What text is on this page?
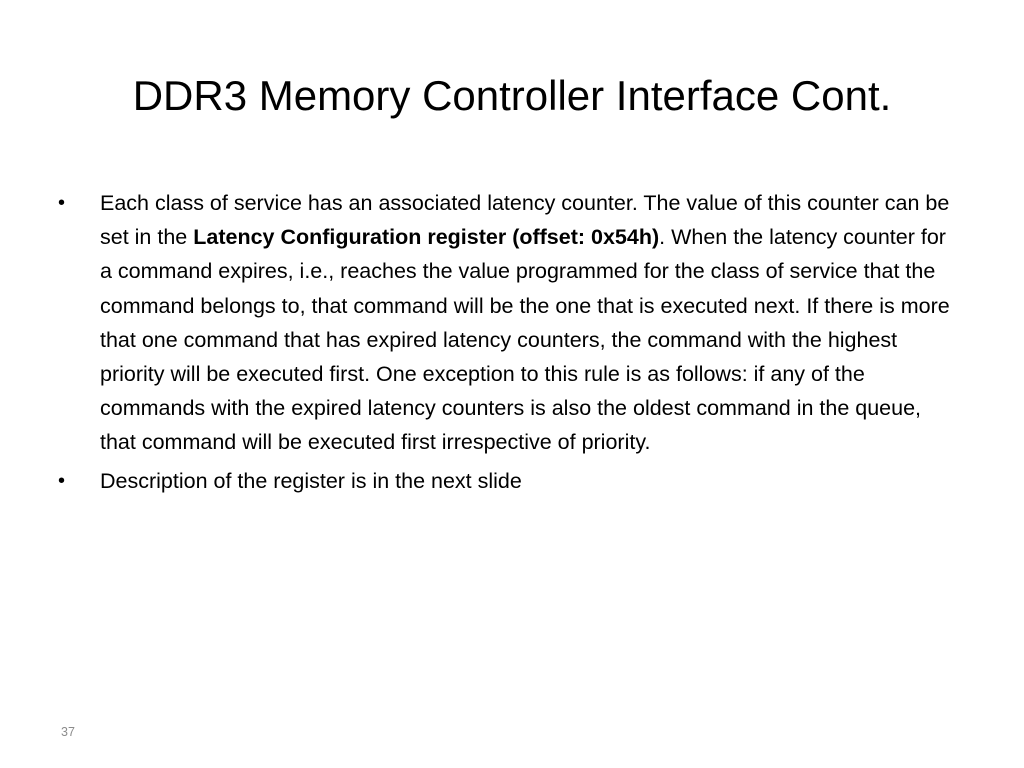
DDR3 Memory Controller Interface Cont.
• Each class of service has an associated latency counter. The value of this counter can be set in the Latency Configuration register (offset: 0x54h). When the latency counter for a command expires, i.e., reaches the value programmed for the class of service that the command belongs to, that command will be the one that is executed next. If there is more that one command that has expired latency counters, the command with the highest priority will be executed first. One exception to this rule is as follows: if any of the commands with the expired latency counters is also the oldest command in the queue, that command will be executed first irrespective of priority.
• Description of the register is in the next slide
37
